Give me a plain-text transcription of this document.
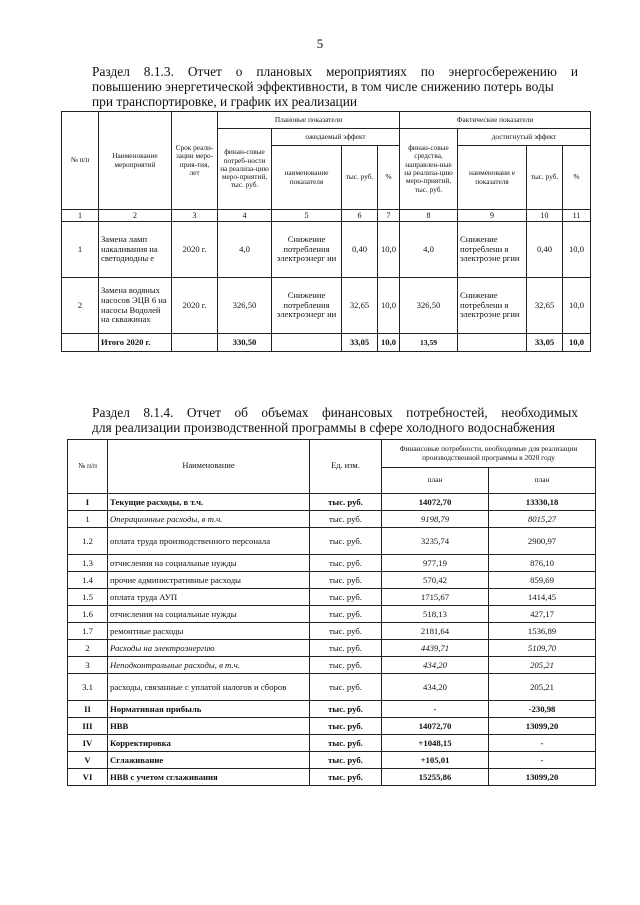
5
Раздел 8.1.3. Отчет о плановых мероприятиях по энергосбережению и
повышению энергетической эффективности, в том числе снижению потерь воды
при транспортировке, и график их реализации
№ п/п	Наименование мероприятий	Срок реали-зации меро-прия-тия, лет	Плановые показатели				Фактические показатели			
			финан-совые потреб-ности на реализа-цию меро-приятий, тыс. руб.	ожидаемый эффект			финан-совые средства, направлен-ные на реализа-цию меро-приятий, тыс. руб.	достигнутый эффект		
				наименование показателя	тыс. руб.	%		наименовани е показателя	тыс. руб.	%
1	2	3	4	5	6	7	8	9	10	11
1	Замена ламп накаливания на светодиодны е	2020 г.	4,0	Снижение потребления электроэнерг ии	0,40	10,0	4,0	Снижение потреблени я электроэне ргии	0,40	10,0
2	Замена водяных насосов ЭЦВ 6 на насосы Водолей на скважинах	2020 г.	326,50	Снижение потребления электроэнерг ии	32,65	10,0	326,50	Снижение потреблени я электроэне ргии	32,65	10,0
	Итого 2020 г.		330,50		33,05	10,0	13,59		33,05	10,0
Раздел 8.1.4. Отчет об объемах финансовых потребностей, необходимых
для реализации производственной программы в сфере холодного водоснабжения
№ п/п	Наименование	Ед. изм.	Финансовые потребности, необходимые для реализации производственной программы в 2020 году	
			план	план
I	Текущие расходы, в т.ч.	тыс. руб.	14072,70	13330,18
1	Операционные расходы, в т.ч.	тыс. руб.	9198,79	8015,27
1.2	оплата труда производственного персонала	тыс. руб.	3235,74	2900,97
1.3	отчисления на социальные нужды	тыс. руб.	977,19	876,10
1.4	прочие административные расходы	тыс. руб.	570,42	859,69
1.5	оплата труда АУП	тыс. руб.	1715,67	1414,45
1.6	отчисления на социальные нужды	тыс. руб.	518,13	427,17
1.7	ремонтные расходы	тыс. руб.	2181,64	1536,89
2	Расходы на электроэнергию	тыс. руб.	4439,71	5109,70
3	Неподконтрольные расходы, в т.ч.	тыс. руб.	434,20	205,21
3.1	расходы, связанные с уплатой налогов и сборов	тыс. руб.	434,20	205,21
II	Нормативная прибыль	тыс. руб.	-	-230,98
III	НВВ	тыс. руб.	14072,70	13099,20
IV	Корректировка	тыс. руб.	+1048,15	-
V	Сглаживание	тыс. руб.	+105,01	-
VI	НВВ с учетом сглаживания	тыс. руб.	15255,86	13099,20
